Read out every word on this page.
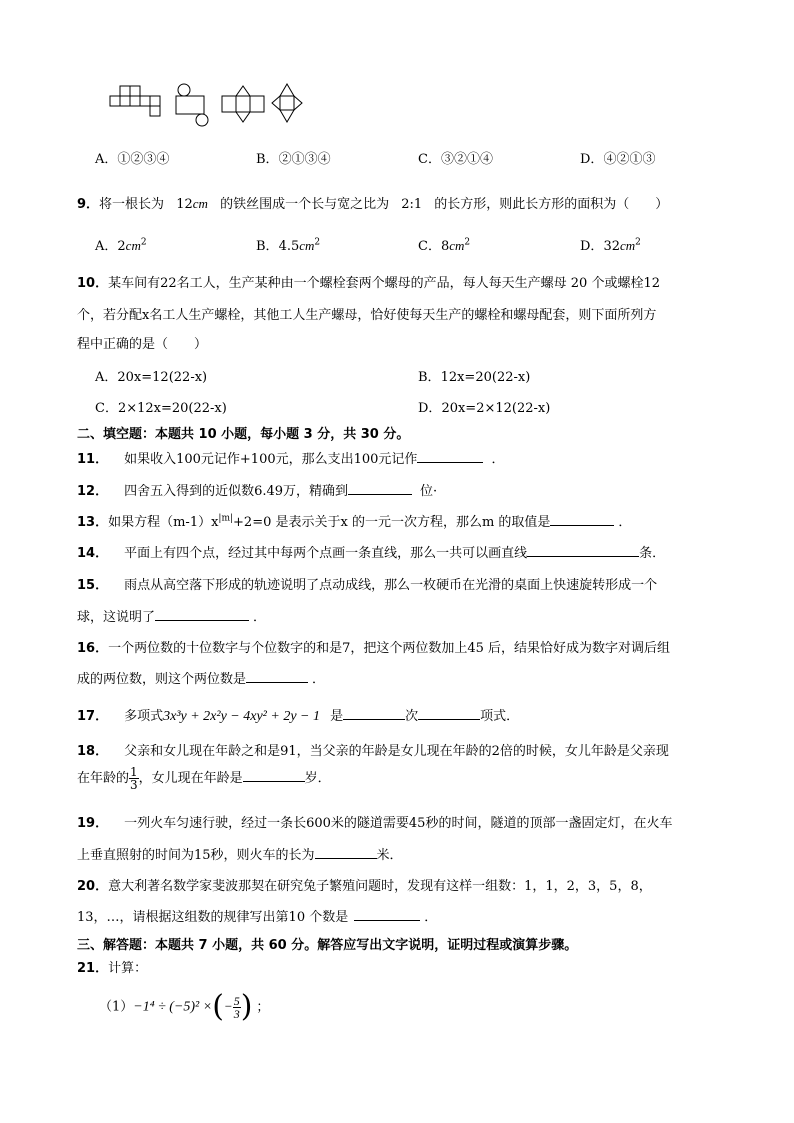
A．①②③④	B．②①③④	C．③②①④	D．④②①③
9．将一根长为 12cm 的铁丝围成一个长与宽之比为 2:1 的长方形，则此长方形的面积为（　　）
A．$2cm^2$	B．$4.5cm^2$	C．$8cm^2$	D．$32cm^2$
10．某车间有22名工人，生产某种由一个螺栓套两个螺母的产品，每人每天生产螺母 20 个或螺栓12
个，若分配x名工人生产螺栓，其他工人生产螺母，恰好使每天生产的螺栓和螺母配套，则下面所列方
程中正确的是（　　）
A．20x=12(22-x)	B．12x=20(22-x)
C．2×12x=20(22-x)	D．20x=2×12(22-x)
二、填空题：本题共 10 小题，每小题 3 分，共 30 分。
11． 如果收入100元记作+100元，那么支出100元记作	．
12． 四舍五入得到的近似数6.49万，精确到	位·
13．如果方程$(m-1)x^{|m|}+2=0$ 是表示关于x 的一元一次方程，那么m 的取值是	．
14． 平面上有四个点，经过其中每两个点画一条直线，那么一共可以画直线	条．
15． 雨点从高空落下形成的轨迹说明了点动成线，那么一枚硬币在光滑的桌面上快速旋转形成一个
球，这说明了	．
16．一个两位数的十位数字与个位数字的和是7，把这个两位数加上45 后，结果恰好成为数字对调后组
成的两位数，则这个两位数是	．
17． 多项式3x³y + 2x²y − 4xy² + 2y − 1 是	次	项式．
18． 父亲和女儿现在年龄之和是91，当父亲的年龄是女儿现在年龄的2倍的时候，女儿年龄是父亲现
在年龄的 $\frac{1}{3}$ ，女儿现在年龄是	岁．
19． 一列火车匀速行驶，经过一条长600米的隧道需要45秒的时间，隧道的顶部一盏固定灯，在火车
上垂直照射的时间为15秒，则火车的长为	米．
20．意大利著名数学家斐波那契在研究兔子繁殖问题时，发现有这样一组数：1，1，2，3，5，8，
13，…，请根据这组数的规律写出第10 个数是	．
三、解答题：本题共 7 小题，共 60 分。解答应写出文字说明，证明过程或演算步骤。
21．计算：
（1）−1⁴ ÷ (−5)² ×(− $\frac{5}{3}$ ) ；
